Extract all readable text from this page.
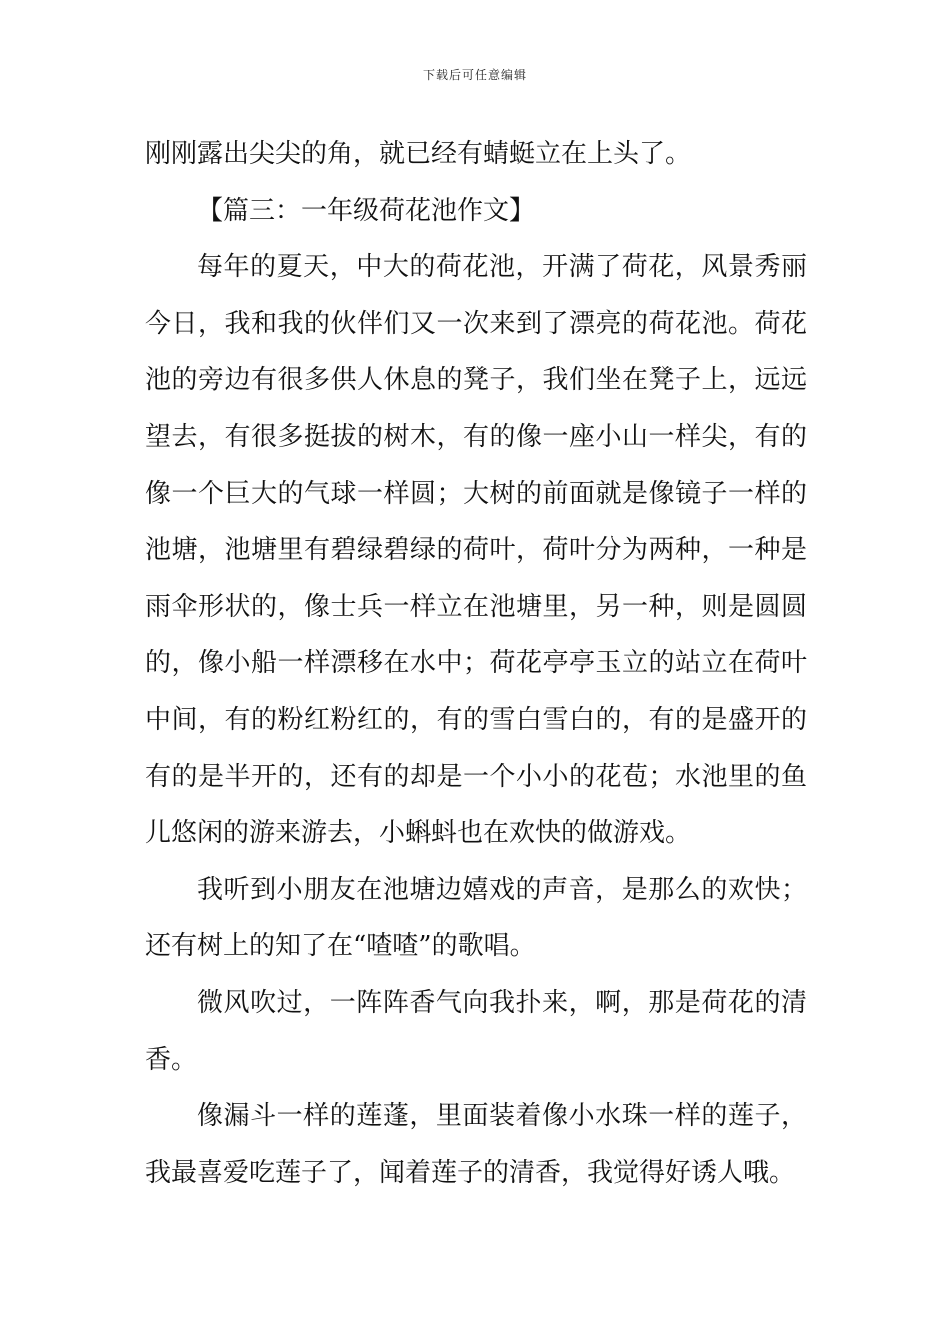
下载后可任意编辑
刚刚露出尖尖的角，就已经有蜻蜓立在上头了。
【篇三：一年级荷花池作文】
每年的夏天，中大的荷花池，开满了荷花，风景秀丽
今日，我和我的伙伴们又一次来到了漂亮的荷花池。荷花
池的旁边有很多供人休息的凳子，我们坐在凳子上，远远
望去，有很多挺拔的树木，有的像一座小山一样尖，有的
像一个巨大的气球一样圆；大树的前面就是像镜子一样的
池塘，池塘里有碧绿碧绿的荷叶，荷叶分为两种，一种是
雨伞形状的，像士兵一样立在池塘里，另一种，则是圆圆
的，像小船一样漂移在水中；荷花亭亭玉立的站立在荷叶
中间，有的粉红粉红的，有的雪白雪白的，有的是盛开的
有的是半开的，还有的却是一个小小的花苞；水池里的鱼
儿悠闲的游来游去，小蝌蚪也在欢快的做游戏。
我听到小朋友在池塘边嬉戏的声音，是那么的欢快；
还有树上的知了在“喳喳”的歌唱。
微风吹过，一阵阵香气向我扑来，啊，那是荷花的清
香。
像漏斗一样的莲蓬，里面装着像小水珠一样的莲子，
我最喜爱吃莲子了，闻着莲子的清香，我觉得好诱人哦。
